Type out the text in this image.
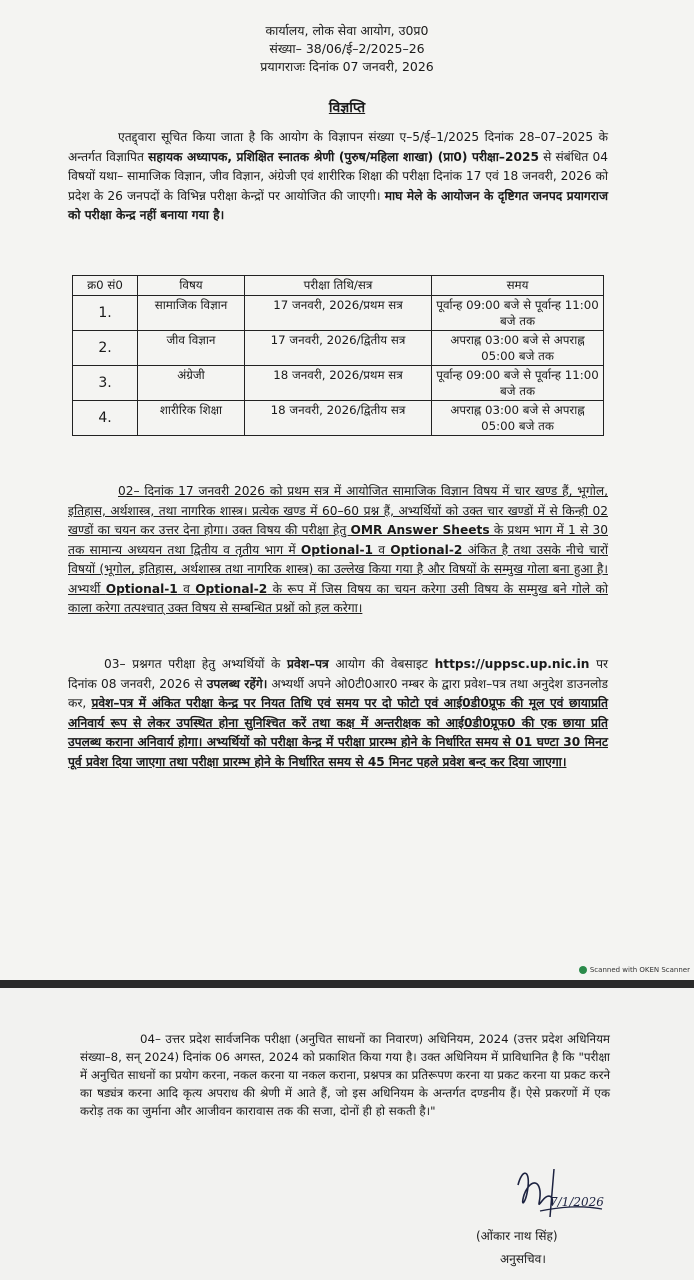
कार्यालय, लोक सेवा आयोग, उ0प्र0
संख्या– 38/06/ई–2/2025–26
प्रयागराजः दिनांक 07 जनवरी, 2026
विज्ञप्ति
एतद्द्वारा सूचित किया जाता है कि आयोग के विज्ञापन संख्या ए–5/ई–1/2025 दिनांक 28–07–2025 के अन्तर्गत विज्ञापित सहायक अध्यापक, प्रशिक्षित स्नातक श्रेणी (पुरुष/महिला शाखा) (प्रा0) परीक्षा–2025 से संबंधित 04 विषयों यथा– सामाजिक विज्ञान, जीव विज्ञान, अंग्रेजी एवं शारीरिक शिक्षा की परीक्षा दिनांक 17 एवं 18 जनवरी, 2026 को प्रदेश के 26 जनपदों के विभिन्न परीक्षा केन्द्रों पर आयोजित की जाएगी। माघ मेले के आयोजन के दृष्टिगत जनपद प्रयागराज को परीक्षा केन्द्र नहीं बनाया गया है।
क्र0 सं0	विषय	परीक्षा तिथि/सत्र	समय
1.	सामाजिक विज्ञान	17 जनवरी, 2026/प्रथम सत्र	पूर्वान्ह 09:00 बजे से पूर्वान्ह 11:00 बजे तक
2.	जीव विज्ञान	17 जनवरी, 2026/द्वितीय सत्र	अपराह्न 03:00 बजे से अपराह्न 05:00 बजे तक
3.	अंग्रेजी	18 जनवरी, 2026/प्रथम सत्र	पूर्वान्ह 09:00 बजे से पूर्वान्ह 11:00 बजे तक
4.	शारीरिक शिक्षा	18 जनवरी, 2026/द्वितीय सत्र	अपराह्न 03:00 बजे से अपराह्न 05:00 बजे तक
02– दिनांक 17 जनवरी 2026 को प्रथम सत्र में आयोजित सामाजिक विज्ञान विषय में चार खण्ड हैं, भूगोल, इतिहास, अर्थशास्त्र, तथा नागरिक शास्त्र। प्रत्येक खण्ड में 60–60 प्रश्न हैं, अभ्यर्थियों को उक्त चार खण्डों में से किन्ही 02 खण्डों का चयन कर उत्तर देना होगा। उक्त विषय की परीक्षा हेतु OMR Answer Sheets के प्रथम भाग में 1 से 30 तक सामान्य अध्ययन तथा द्वितीय व तृतीय भाग में Optional-1 व Optional-2 अंकित है तथा उसके नीचे चारों विषयों (भूगोल, इतिहास, अर्थशास्त्र तथा नागरिक शास्त्र) का उल्लेख किया गया है और विषयों के सम्मुख गोला बना हुआ है। अभ्यर्थी Optional-1 व Optional-2 के रूप में जिस विषय का चयन करेगा उसी विषय के सम्मुख बने गोले को काला करेगा तत्पश्चात् उक्त विषय से सम्बन्धित प्रश्नों को हल करेगा।
03– प्रश्नगत परीक्षा हेतु अभ्यर्थियों के प्रवेश–पत्र आयोग की वेबसाइट https://uppsc.up.nic.in पर दिनांक 08 जनवरी, 2026 से उपलब्ध रहेंगे। अभ्यर्थी अपने ओ0टी0आर0 नम्बर के द्वारा प्रवेश–पत्र तथा अनुदेश डाउनलोड कर, प्रवेश–पत्र में अंकित परीक्षा केन्द्र पर नियत तिथि एवं समय पर दो फोटो एवं आई0डी0प्रूफ की मूल एवं छायाप्रति अनिवार्य रूप से लेकर उपस्थित होना सुनिश्चित करें तथा कक्ष में अन्तरीक्षक को आई0डी0प्रूफ0 की एक छाया प्रति उपलब्ध कराना अनिवार्य होगा। अभ्यर्थियों को परीक्षा केन्द्र में परीक्षा प्रारम्भ होने के निर्धारित समय से 01 घण्टा 30 मिनट पूर्व प्रवेश दिया जाएगा तथा परीक्षा प्रारम्भ होने के निर्धारित समय से 45 मिनट पहले प्रवेश बन्द कर दिया जाएगा।
Scanned with OKEN Scanner
04– उत्तर प्रदेश सार्वजनिक परीक्षा (अनुचित साधनों का निवारण) अधिनियम, 2024 (उत्तर प्रदेश अधिनियम संख्या–8, सन् 2024) दिनांक 06 अगस्त, 2024 को प्रकाशित किया गया है। उक्त अधिनियम में प्राविधानित है कि "परीक्षा में अनुचित साधनों का प्रयोग करना, नकल करना या नकल कराना, प्रश्नपत्र का प्रतिरूपण करना या प्रकट करना या प्रकट करने का षड्यंत्र करना आदि कृत्य अपराध की श्रेणी में आते हैं, जो इस अधिनियम के अन्तर्गत दण्डनीय हैं। ऐसे प्रकरणों में एक करोड़ तक का जुर्माना और आजीवन कारावास तक की सजा, दोनों ही हो सकती है।"
7/1/2026
(ओंकार नाथ सिंह)
अनुसचिव।
